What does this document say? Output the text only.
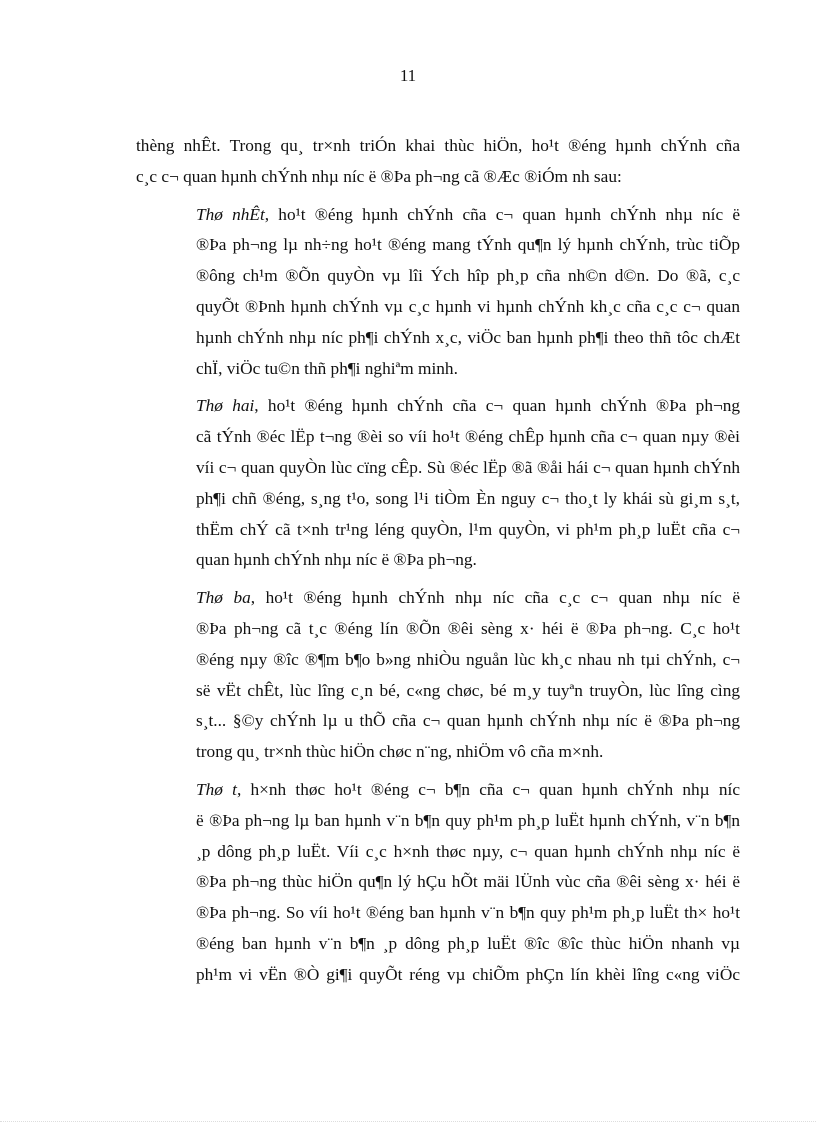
11

thèng nhÊt. Trong qu¸ tr×nh triÓn khai thùc hiÖn, ho¹t ®éng hµnh chÝnh cña
c¸c c¬ quan hµnh chÝnh nhµ níc ë ®Þa ph¬ng cã ®Æc ®iÓm nh sau:

Thø nhÊt, ho¹t ®éng hµnh chÝnh cña c¬ quan hµnh chÝnh nhµ níc ë
®Þa ph¬ng lµ nh÷ng ho¹t ®éng mang tÝnh qu¶n lý hµnh chÝnh, trùc tiÕp
®ông ch¹m ®Õn quyÒn vµ lîi Ých hîp ph¸p cña nh©n d©n. Do ®ã, c¸c
quyÕt ®Þnh hµnh chÝnh vµ c¸c hµnh vi hµnh chÝnh kh¸c cña c¸c c¬ quan
hµnh chÝnh nhµ níc ph¶i chÝnh x¸c, viÖc ban hµnh ph¶i theo thñ tôc chÆt
chÏ, viÖc tu©n thñ ph¶i nghiªm minh.

Thø hai, ho¹t ®éng hµnh chÝnh cña c¬ quan hµnh chÝnh ®Þa ph¬ng
cã tÝnh ®éc lËp t¬ng ®èi so víi ho¹t ®éng chÊp hµnh cña c¬ quan nµy ®èi
víi c¬ quan quyÒn lùc cïng cÊp. Sù ®éc lËp ®ã ®åi hái c¬ quan hµnh chÝnh
ph¶i chñ ®éng, s¸ng t¹o, song l¹i tiÒm Èn nguy c¬ tho¸t ly khái sù gi¸m s¸t,
thËm chÝ cã t×nh tr¹ng léng quyÒn, l¹m quyÒn, vi ph¹m ph¸p luËt cña c¬
quan hµnh chÝnh nhµ níc ë ®Þa ph¬ng.

Thø ba, ho¹t ®éng hµnh chÝnh nhµ níc cña c¸c c¬ quan nhµ níc ë
®Þa ph¬ng cã t¸c ®éng lín ®Õn ®êi sèng x· héi ë ®Þa ph¬ng. C¸c ho¹t
®éng nµy ®îc ®¶m b¶o b»ng nhiÒu nguån lùc kh¸c nhau nh tµi chÝnh, c¬
së vËt chÊt, lùc lîng c¸n bé, c«ng chøc, bé m¸y tuyªn truyÒn, lùc lîng cìng
s¸t... §©y chÝnh lµ u thÕ cña c¬ quan hµnh chÝnh nhµ níc ë ®Þa ph¬ng
trong qu¸ tr×nh thùc hiÖn chøc n¨ng, nhiÖm vô cña m×nh.

Thø t, h×nh thøc ho¹t ®éng c¬ b¶n cña c¬ quan hµnh chÝnh nhµ níc
ë ®Þa ph¬ng lµ ban hµnh v¨n b¶n quy ph¹m ph¸p luËt hµnh chÝnh, v¨n b¶n
¸p dông ph¸p luËt. Víi c¸c h×nh thøc nµy, c¬ quan hµnh chÝnh nhµ níc ë
®Þa ph¬ng thùc hiÖn qu¶n lý hÇu hÕt mäi lÜnh vùc cña ®êi sèng x· héi ë
®Þa ph¬ng. So víi ho¹t ®éng ban hµnh v¨n b¶n quy ph¹m ph¸p luËt th× ho¹t
®éng ban hµnh v¨n b¶n ¸p dông ph¸p luËt ®îc ®îc thùc hiÖn nhanh vµ
ph¹m vi vËn ®Ò gi¶i quyÕt réng vµ chiÕm phÇn lín khèi lîng c«ng viÖc
